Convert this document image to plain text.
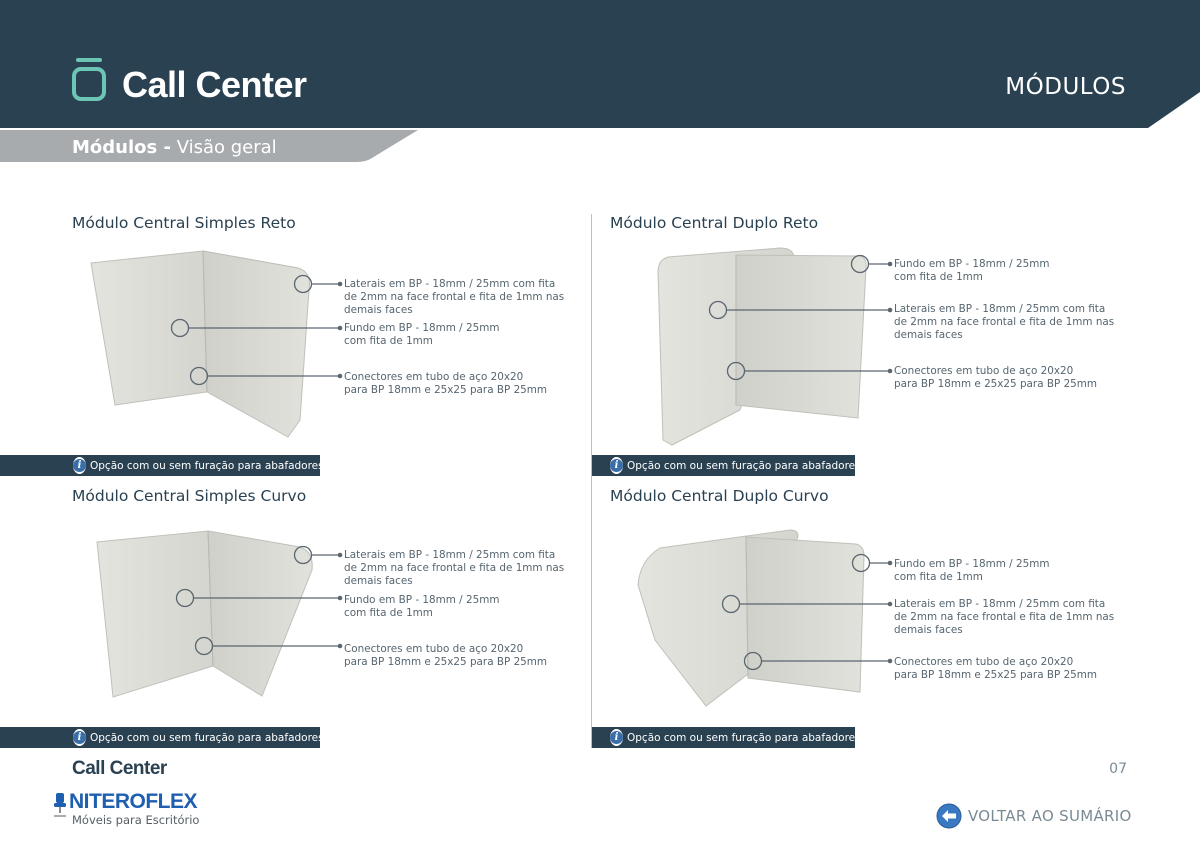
Call Center	MÓDULOS
Módulos - Visão geral
Módulo Central Simples Reto	Módulo Central Duplo Reto
Módulo Central Simples Curvo	Módulo Central Duplo Curvo
Laterais em BP - 18mm / 25mm com fita
de 2mm na face frontal e fita de 1mm nas
demais faces
Fundo em BP - 18mm / 25mm
com fita de 1mm
Conectores em tubo de aço 20x20
para BP 18mm e 25x25 para BP 25mm
Fundo em BP - 18mm / 25mm
com fita de 1mm
Laterais em BP - 18mm / 25mm com fita
de 2mm na face frontal e fita de 1mm nas
demais faces
Conectores em tubo de aço 20x20
para BP 18mm e 25x25 para BP 25mm
Laterais em BP - 18mm / 25mm com fita
de 2mm na face frontal e fita de 1mm nas
demais faces
Fundo em BP - 18mm / 25mm
com fita de 1mm
Conectores em tubo de aço 20x20
para BP 18mm e 25x25 para BP 25mm
Fundo em BP - 18mm / 25mm
com fita de 1mm
Laterais em BP - 18mm / 25mm com fita
de 2mm na face frontal e fita de 1mm nas
demais faces
Conectores em tubo de aço 20x20
para BP 18mm e 25x25 para BP 25mm
i Opção com ou sem furação para abafadores	i Opção com ou sem furação para abafadores
i Opção com ou sem furação para abafadores	i Opção com ou sem furação para abafadores
Call Center	07
NITEROFLEX
Móveis para Escritório	VOLTAR AO SUMÁRIO
